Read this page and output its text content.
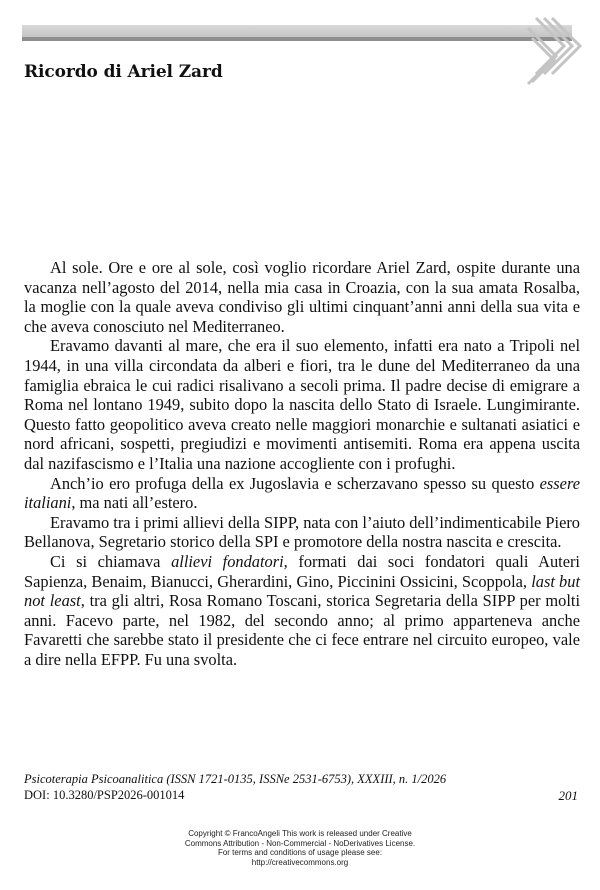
Ricordo di Ariel Zard

Al sole. Ore e ore al sole, così voglio ricordare Ariel Zard, ospite durante una vacanza nell’agosto del 2014, nella mia casa in Croazia, con la sua amata Rosalba, la moglie con la quale aveva condiviso gli ultimi cinquant’anni anni della sua vita e che aveva conosciuto nel Mediterraneo.

Eravamo davanti al mare, che era il suo elemento, infatti era nato a Tripoli nel 1944, in una villa circondata da alberi e fiori, tra le dune del Mediterraneo da una famiglia ebraica le cui radici risalivano a secoli prima. Il padre decise di emigrare a Roma nel lontano 1949, subito dopo la nascita dello Stato di Israele. Lungimirante. Questo fatto geopolitico aveva creato nelle maggiori monarchie e sultanati asiatici e nord africani, sospetti, pregiudizi e movimenti antisemiti. Roma era appena uscita dal nazifascismo e l’Italia una nazione accogliente con i profughi.

Anch’io ero profuga della ex Jugoslavia e scherzavano spesso su questo essere italiani, ma nati all’estero.

Eravamo tra i primi allievi della SIPP, nata con l’aiuto dell’indimenticabile Piero Bellanova, Segretario storico della SPI e promotore della nostra nascita e crescita.

Ci si chiamava allievi fondatori, formati dai soci fondatori quali Auteri Sapienza, Benaim, Bianucci, Gherardini, Gino, Piccinini Ossicini, Scoppola, last but not least, tra gli altri, Rosa Romano Toscani, storica Segretaria della SIPP per molti anni. Facevo parte, nel 1982, del secondo anno; al primo apparteneva anche Favaretti che sarebbe stato il presidente che ci fece entrare nel circuito europeo, vale a dire nella EFPP. Fu una svolta.

Psicoterapia Psicoanalitica (ISSN 1721-0135, ISSNe 2531-6753), XXXIII, n. 1/2026
DOI: 10.3280/PSP2026-001014	201
Copyright © FrancoAngeli This work is released under Creative
Commons Attribution - Non-Commercial - NoDerivatives License.
For terms and conditions of usage please see:
http://creativecommons.org
